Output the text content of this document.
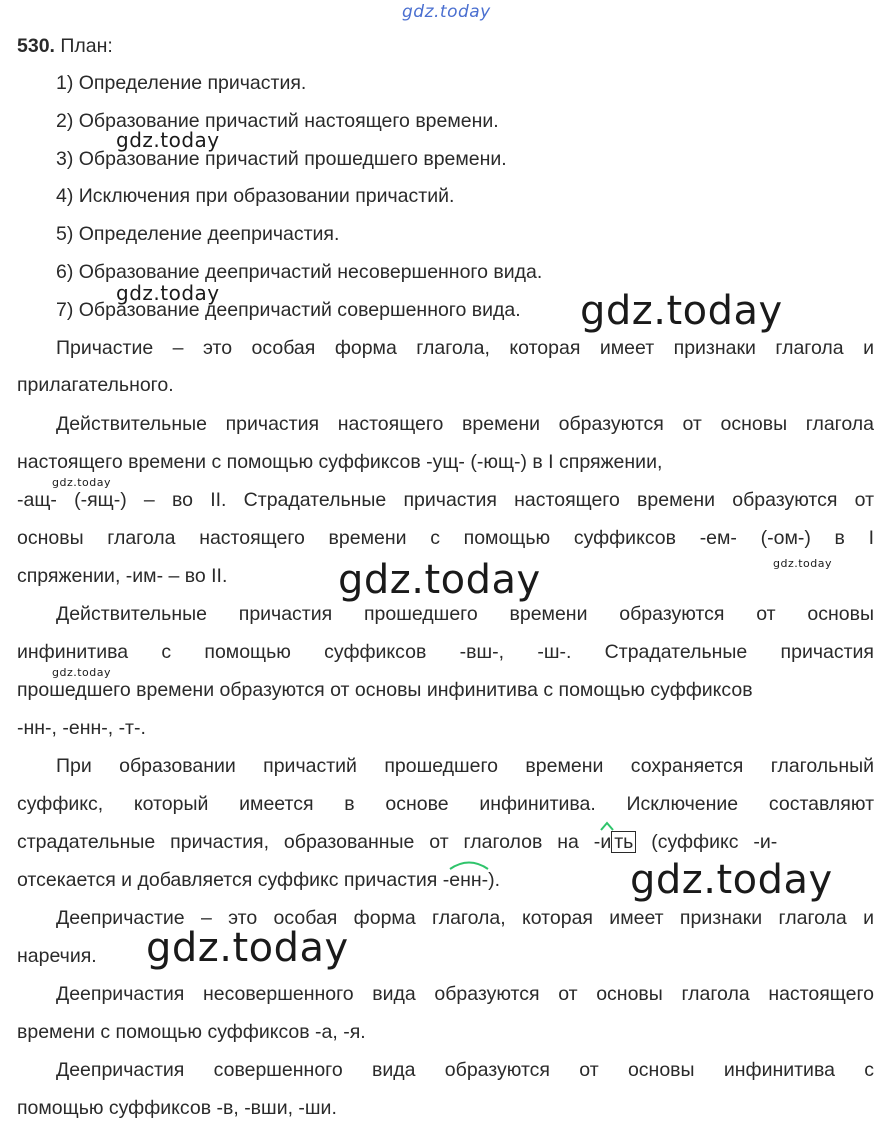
gdz.today
gdz.today
gdz.today	gdz.today
gdz.today
gdz.today
gdz.today
gdz.today
gdz.today
gdz.today
530. План:
1) Определение причастия.
2) Образование причастий настоящего времени.
3) Образование причастий прошедшего времени.
4) Исключения при образовании причастий.
5) Определение деепричастия.
6) Образование деепричастий несовершенного вида.
7) Образование деепричастий совершенного вида.
Причастие – это особая форма глагола, которая имеет признаки глагола и
прилагательного.
Действительные причастия настоящего времени образуются от основы глагола
настоящего времени с помощью суффиксов -ущ- (-ющ-) в I спряжении,
-ащ- (-ящ-) – во II. Страдательные причастия настоящего времени образуются от
основы глагола настоящего времени с помощью суффиксов -ем- (-ом-) в I
спряжении, -им- – во II.
Действительные причастия прошедшего времени образуются от основы
инфинитива с помощью суффиксов -вш-, -ш-. Страдательные причастия
прошедшего времени образуются от основы инфинитива с помощью суффиксов
-нн-, -енн-, -т-.
При образовании причастий прошедшего времени сохраняется глагольный
суффикс, который имеется в основе инфинитива. Исключение составляют
страдательные причастия, образованные от глаголов на -
и ть (суффикс -и-
отсекается и добавляется суффикс причастия -
енн-).
Деепричастие – это особая форма глагола, которая имеет признаки глагола и
наречия.
Деепричастия несовершенного вида образуются от основы глагола настоящего
времени с помощью суффиксов -а, -я.
Деепричастия совершенного вида образуются от основы инфинитива с
помощью суффиксов -в, -вши, -ши.
